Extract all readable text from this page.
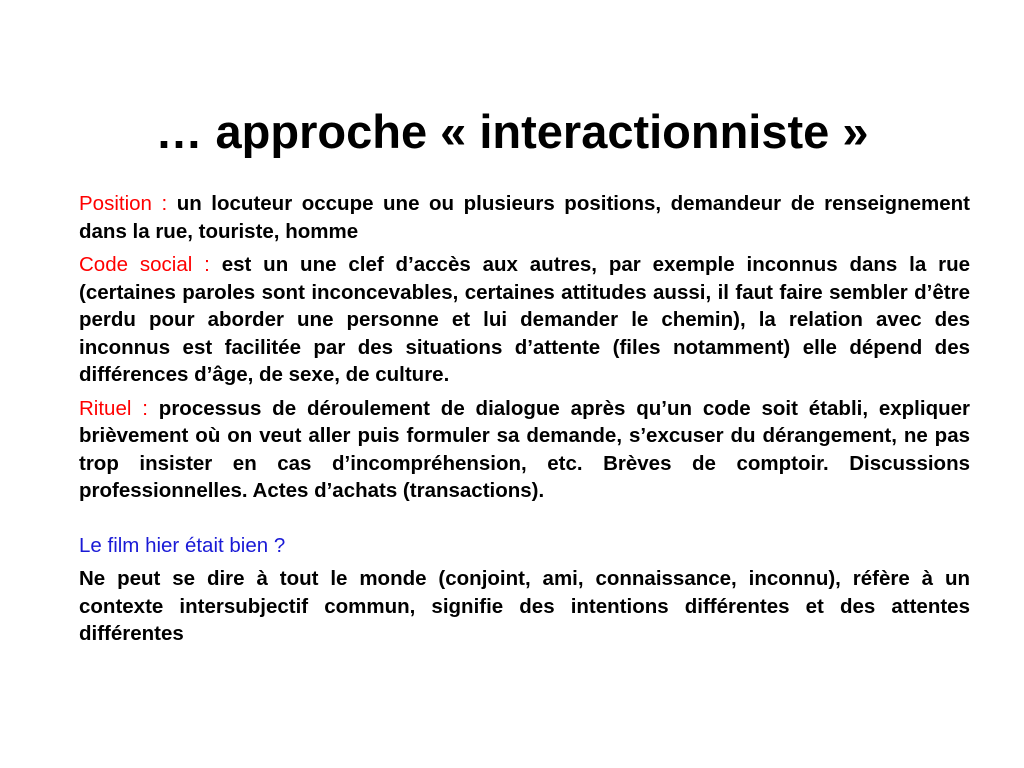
… approche « interactionniste »

Position : un locuteur occupe une ou plusieurs positions, demandeur de renseignement dans la rue, touriste, homme

Code social : est un une clef d’accès aux autres, par exemple inconnus dans la rue (certaines paroles sont inconcevables, certaines attitudes aussi, il faut faire sembler d’être perdu pour aborder une personne et lui demander le chemin), la relation avec des inconnus est facilitée par des situations d’attente (files notamment) elle dépend des différences d’âge, de sexe, de culture.

Rituel : processus de déroulement de dialogue après qu’un code soit établi, expliquer brièvement où on veut aller puis formuler sa demande, s’excuser du dérangement, ne pas trop insister en cas d’incompréhension, etc. Brèves de comptoir. Discussions professionnelles. Actes d’achats (transactions).

Le film hier était bien ?

Ne peut se dire à tout le monde (conjoint, ami, connaissance, inconnu), réfère à un contexte intersubjectif commun, signifie des intentions différentes et des attentes différentes
